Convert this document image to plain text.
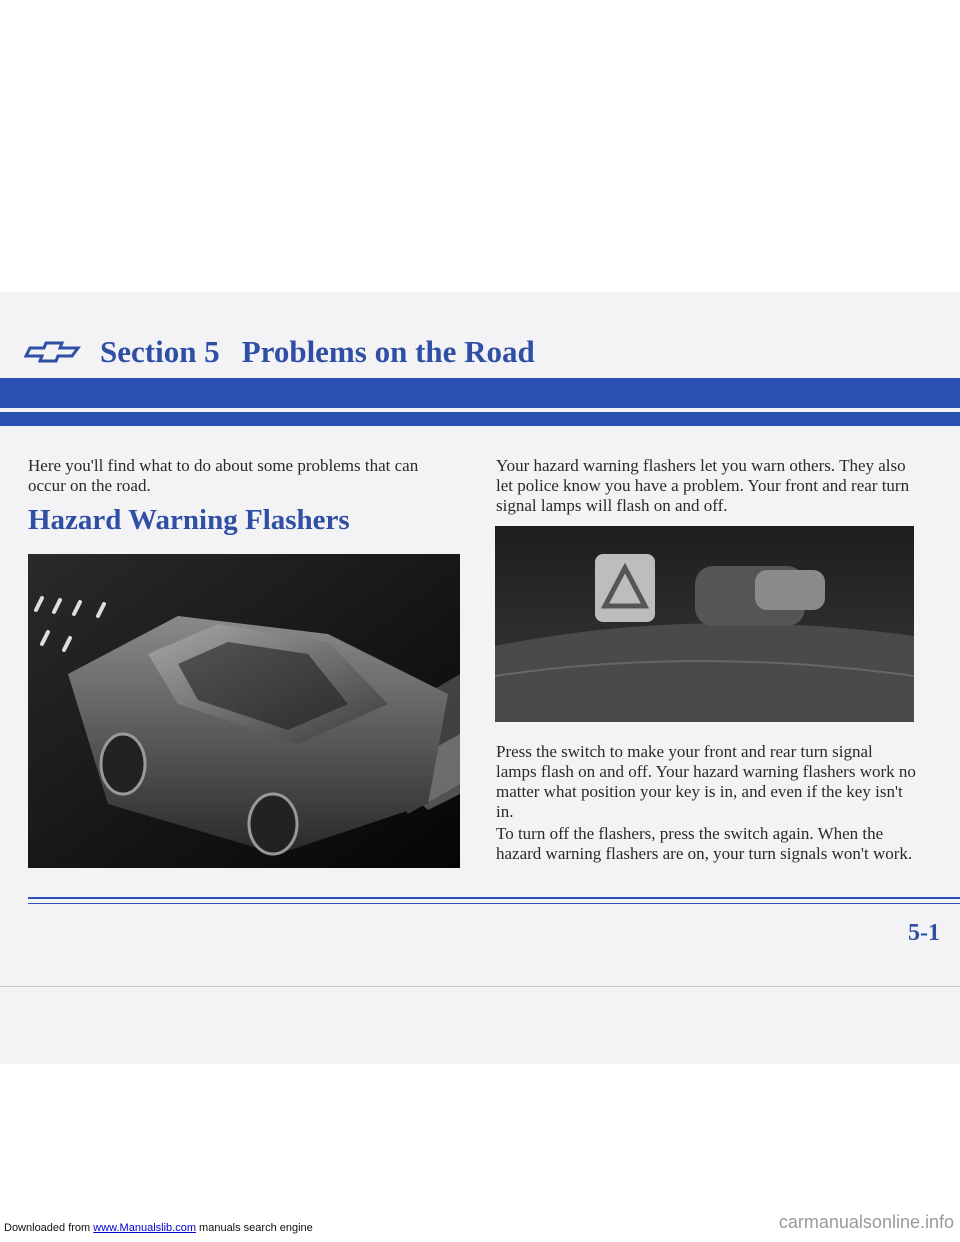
Section 5 Problems on the Road

Here you'll find what to do about some problems that can occur on the road.

Hazard Warning Flashers

Your hazard warning flashers let you warn others. They also let police know you have a problem. Your front and rear turn signal lamps will flash on and off.

Press the switch to make your front and rear turn signal lamps flash on and off. Your hazard warning flashers work no matter what position your key is in, and even if the key isn't in.

To turn off the flashers, press the switch again. When the hazard warning flashers are on, your turn signals won't work.

5-1
Downloaded from www.Manualslib.com manuals search engine	carmanualsonline.info
